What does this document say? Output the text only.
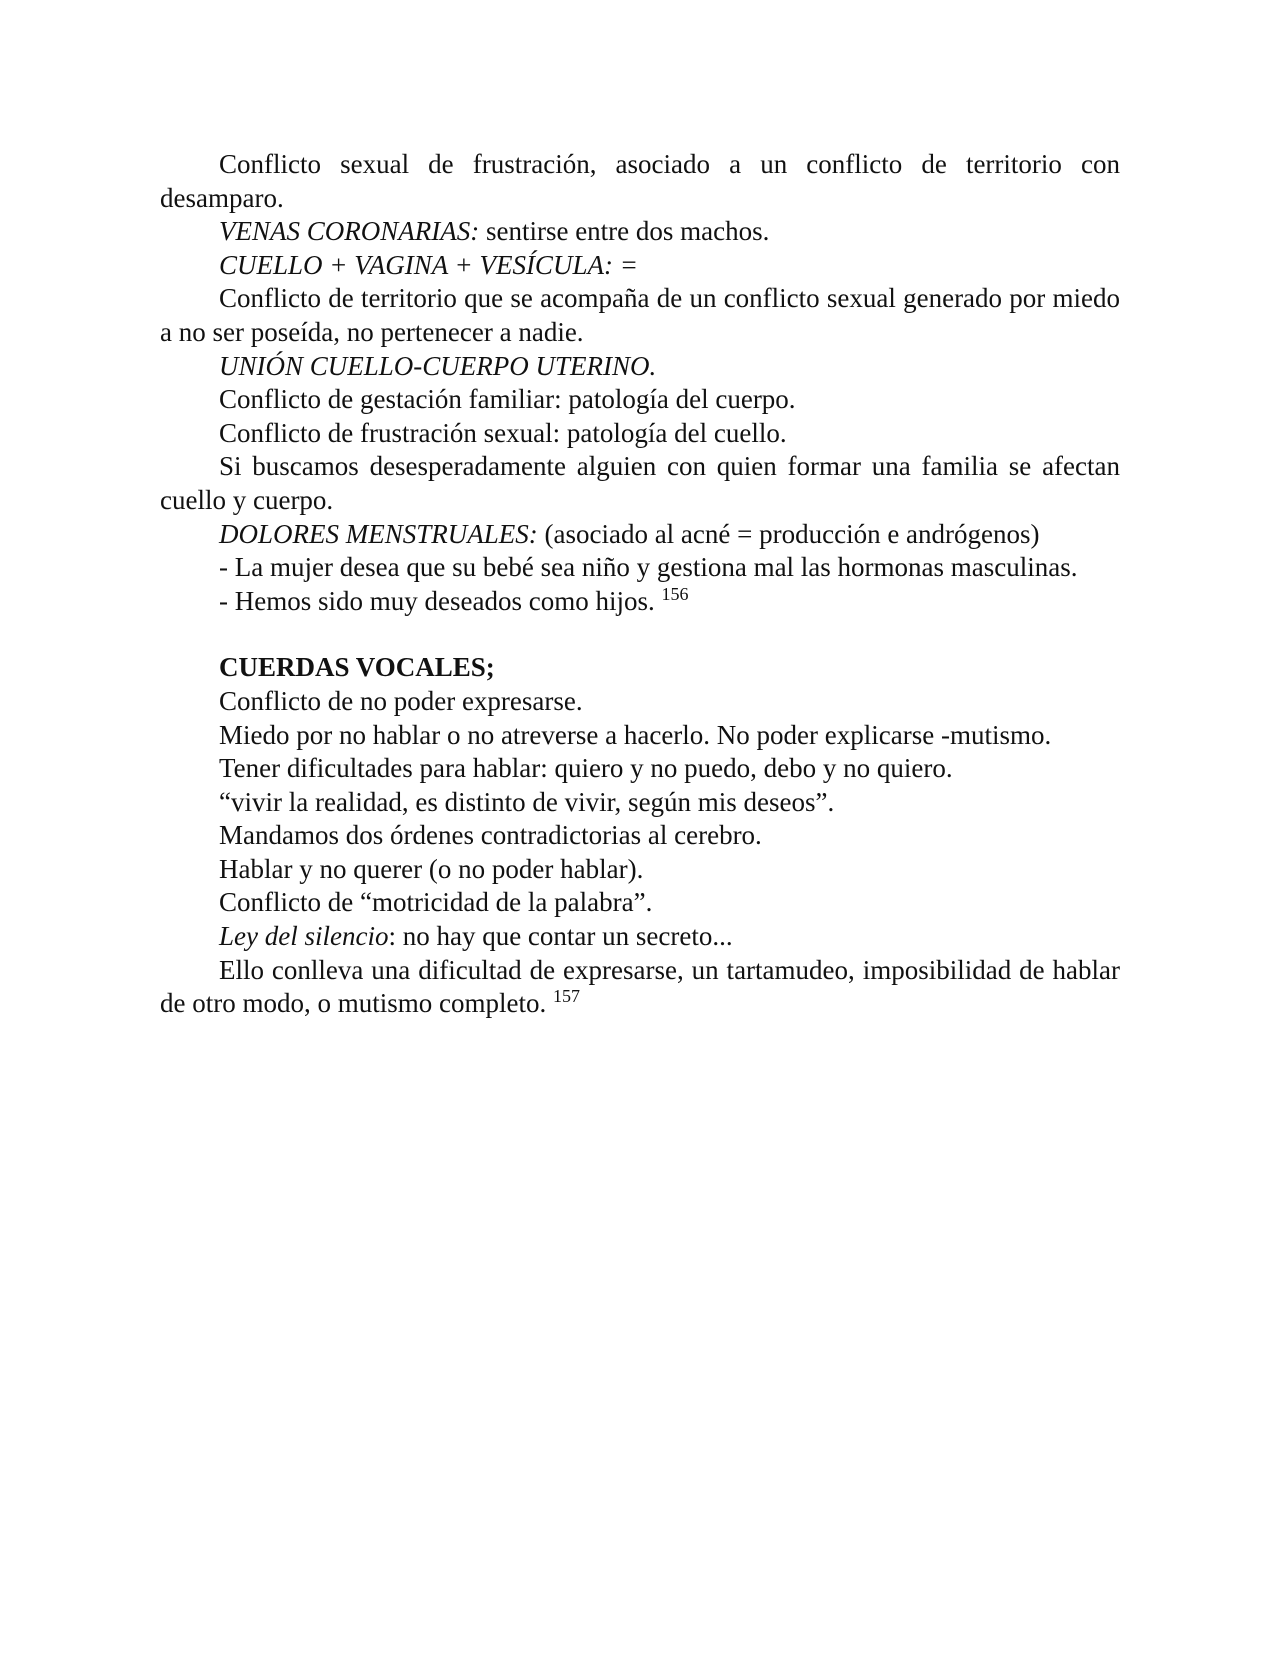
Conflicto sexual de frustración, asociado a un conflicto de territorio con desamparo.

VENAS CORONARIAS: sentirse entre dos machos.

CUELLO + VAGINA + VESÍCULA: =

Conflicto de territorio que se acompaña de un conflicto sexual generado por miedo a no ser poseída, no pertenecer a nadie.

UNIÓN CUELLO-CUERPO UTERINO.

Conflicto de gestación familiar: patología del cuerpo.

Conflicto de frustración sexual: patología del cuello.

Si buscamos desesperadamente alguien con quien formar una familia se afectan cuello y cuerpo.

DOLORES MENSTRUALES: (asociado al acné = producción e andrógenos)

- La mujer desea que su bebé sea niño y gestiona mal las hormonas masculinas.

- Hemos sido muy deseados como hijos. $^{156}$

CUERDAS VOCALES;

Conflicto de no poder expresarse.

Miedo por no hablar o no atreverse a hacerlo. No poder explicarse -mutismo.

Tener dificultades para hablar: quiero y no puedo, debo y no quiero.

“vivir la realidad, es distinto de vivir, según mis deseos”.

Mandamos dos órdenes contradictorias al cerebro.

Hablar y no querer (o no poder hablar).

Conflicto de “motricidad de la palabra”.

Ley del silencio: no hay que contar un secreto...

Ello conlleva una dificultad de expresarse, un tartamudeo, imposibilidad de hablar de otro modo, o mutismo completo. $^{157}$
